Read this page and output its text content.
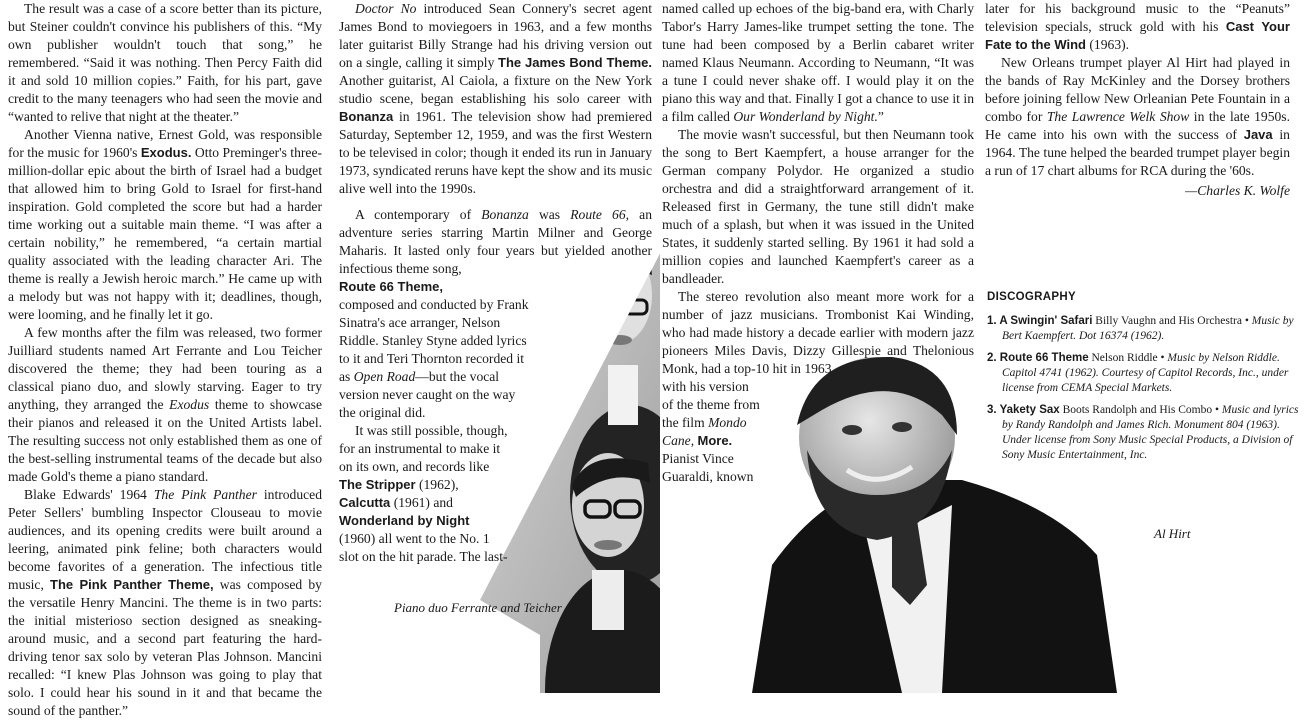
The result was a case of a score better than its picture, but Steiner couldn't convince his publishers of this. “My own publisher wouldn't touch that song,” he remembered. “Said it was nothing. Then Percy Faith did it and sold 10 million copies.” Faith, for his part, gave credit to the many teenagers who had seen the movie and “wanted to relive that night at the theater.”

Another Vienna native, Ernest Gold, was responsible for the music for 1960's Exodus. Otto Preminger's three-million-dollar epic about the birth of Israel had a budget that allowed him to bring Gold to Israel for first-hand inspiration. Gold completed the score but had a harder time working out a suitable main theme. “I was after a certain nobility,” he remembered, “a certain martial quality associated with the leading character Ari. The theme is really a Jewish heroic march.” He came up with a melody but was not happy with it; deadlines, though, were looming, and he finally let it go.

A few months after the film was released, two former Juilliard students named Art Ferrante and Lou Teicher discovered the theme; they had been touring as a classical piano duo, and slowly starving. Eager to try anything, they arranged the Exodus theme to showcase their pianos and released it on the United Artists label. The resulting success not only established them as one of the best-selling instrumental teams of the decade but also made Gold's theme a piano standard.

Blake Edwards' 1964 The Pink Panther introduced Peter Sellers' bumbling Inspector Clouseau to movie audiences, and its opening credits were built around a leering, animated pink feline; both characters would become favorites of a generation. The infectious title music, The Pink Panther Theme, was composed by the versatile Henry Mancini. The theme is in two parts: the initial misterioso section designed as sneaking-around music, and a second part featuring the hard-driving tenor sax solo by veteran Plas Johnson. Mancini recalled: “I knew Plas Johnson was going to play that solo. I could hear his sound in it and that became the sound of the panther.”

Doctor No introduced Sean Connery's secret agent James Bond to moviegoers in 1963, and a few months later guitarist Billy Strange had his driving version out on a single, calling it simply The James Bond Theme. Another guitarist, Al Caiola, a fixture on the New York studio scene, began establishing his solo career with Bonanza in 1961. The television show had premiered Saturday, September 12, 1959, and was the first Western to be televised in color; though it ended its run in January 1973, syndicated reruns have kept the show and its music alive well into the 1990s.

A contemporary of Bonanza was Route 66, an adventure series starring Martin Milner and George Maharis. It lasted only four years but yielded another infectious theme song,

Route 66 Theme,

composed and conducted by Frank Sinatra's ace arranger, Nelson Riddle. Stanley Styne added lyrics to it and Teri Thornton recorded it as Open Road—but the vocal version never caught on the way the original did.

It was still possible, though, for an instrumental to make it on its own, and records like The Stripper (1962), Calcutta (1961) and Wonderland by Night (1960) all went to the No. 1 slot on the hit parade. The last-

Piano duo Ferrante and Teicher

named called up echoes of the big-band era, with Charly Tabor's Harry James-like trumpet setting the tone. The tune had been composed by a Berlin cabaret writer named Klaus Neumann. According to Neumann, “It was a tune I could never shake off. I would play it on the piano this way and that. Finally I got a chance to use it in a film called Our Wonderland by Night.”

The movie wasn't successful, but then Neumann took the song to Bert Kaempfert, a house arranger for the German company Polydor. He organized a studio orchestra and did a straightforward arrangement of it. Released first in Germany, the tune still didn't make much of a splash, but when it was issued in the United States, it suddenly started selling. By 1961 it had sold a million copies and launched Kaempfert's career as a bandleader.

The stereo revolution also meant more work for a number of jazz musicians. Trombonist Kai Winding, who had made history a decade earlier with modern jazz pioneers Miles Davis, Dizzy Gillespie and Thelonious Monk, had a top-10 hit in 1963

with his version of the theme from the film Mondo Cane, More. Pianist Vince Guaraldi, known

later for his background music to the “Peanuts” television specials, struck gold with his Cast Your Fate to the Wind (1963).

New Orleans trumpet player Al Hirt had played in the bands of Ray McKinley and the Dorsey brothers before joining fellow New Orleanian Pete Fountain in a combo for The Lawrence Welk Show in the late 1950s. He came into his own with the success of Java in 1964. The tune helped the bearded trumpet player begin a run of 17 chart albums for RCA during the '60s.

—Charles K. Wolfe

DISCOGRAPHY
1. A Swingin' Safari Billy Vaughn and His Orchestra • Music by Bert Kaempfert. Dot 16374 (1962).
2. Route 66 Theme Nelson Riddle • Music by Nelson Riddle. Capitol 4741 (1962). Courtesy of Capitol Records, Inc., under license from CEMA Special Markets.
3. Yakety Sax Boots Randolph and His Combo • Music and lyrics by Randy Randolph and James Rich. Monument 804 (1963). Under license from Sony Music Special Products, a Division of Sony Music Entertainment, Inc.
Al Hirt
